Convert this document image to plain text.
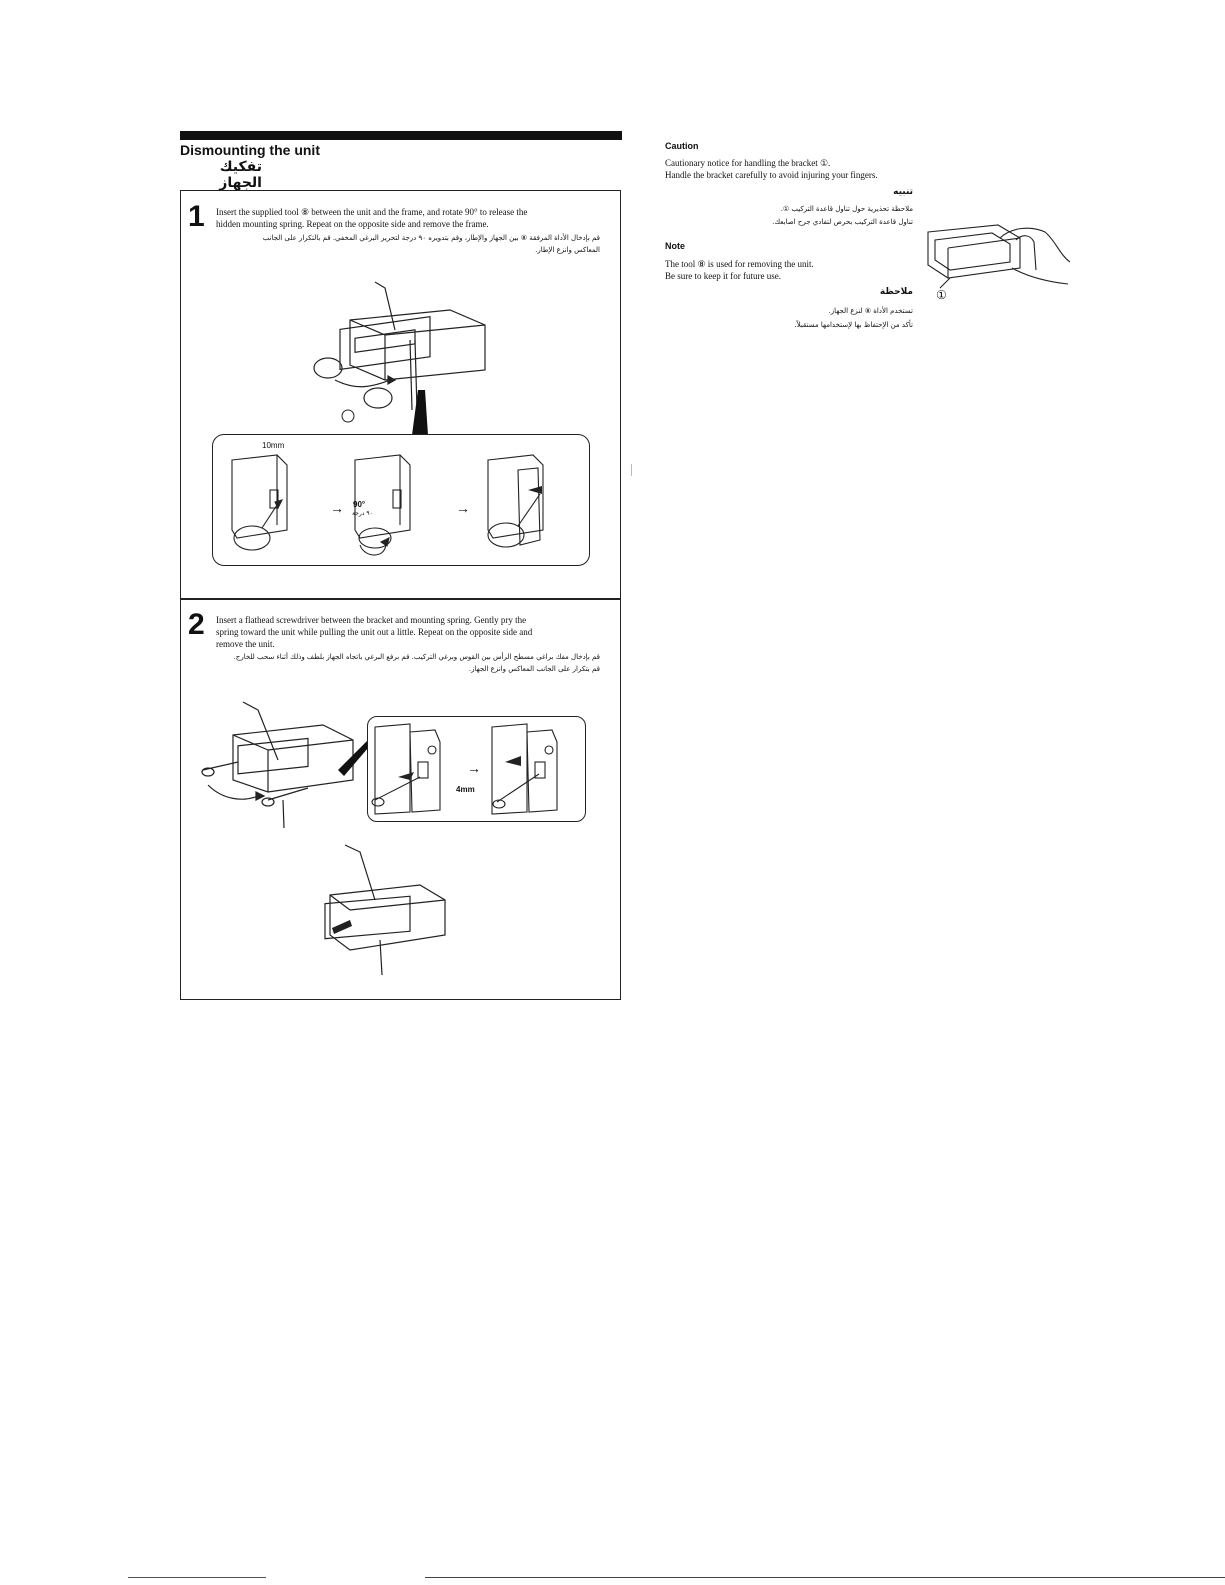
Dismounting the unit
تفكيك الجهاز
1 Insert the supplied tool ⑧ between the unit and the frame, and rotate 90° to release the
hidden mounting spring. Repeat on the opposite side and remove the frame.
قم بإدخال الأداة المرفقة ⑧ بين الجهاز والإطار، وقم بتدويره ٩٠ درجة لتحرير البرغي المخفي. قم بالتكرار على الجانب
المعاكس وانزع الإطار.
10mm
→ 90°
٩٠ درجة	→
2 Insert a flathead screwdriver between the bracket and mounting spring. Gently pry the
spring toward the unit while pulling the unit out a little. Repeat on the opposite side and
remove the unit.
قم بإدخال مفك براغي مسطح الرأس بين القوس وبرغي التركيب. قم برفع البرغي باتجاه الجهاز بلطف وذلك أثناء سحب للخارج.
قم بتكرار على الجانب المعاكس وانزع الجهاز.
4mm
→
Caution
Cautionary notice for handling the bracket ①.
Handle the bracket carefully to avoid injuring your fingers.
تنبيه
ملاحظة تحذيرية حول تناول قاعدة التركيب ①.
تناول قاعدة التركيب بحرص لتفادي جرح اصابعك.
Note
The tool ⑧ is used for removing the unit.
Be sure to keep it for future use.
ملاحظة
تستخدم الأداة ⑧ لنزع الجهاز.
تأكد من الإحتفاظ بها لإستخدامها مستقبلاً.
①
